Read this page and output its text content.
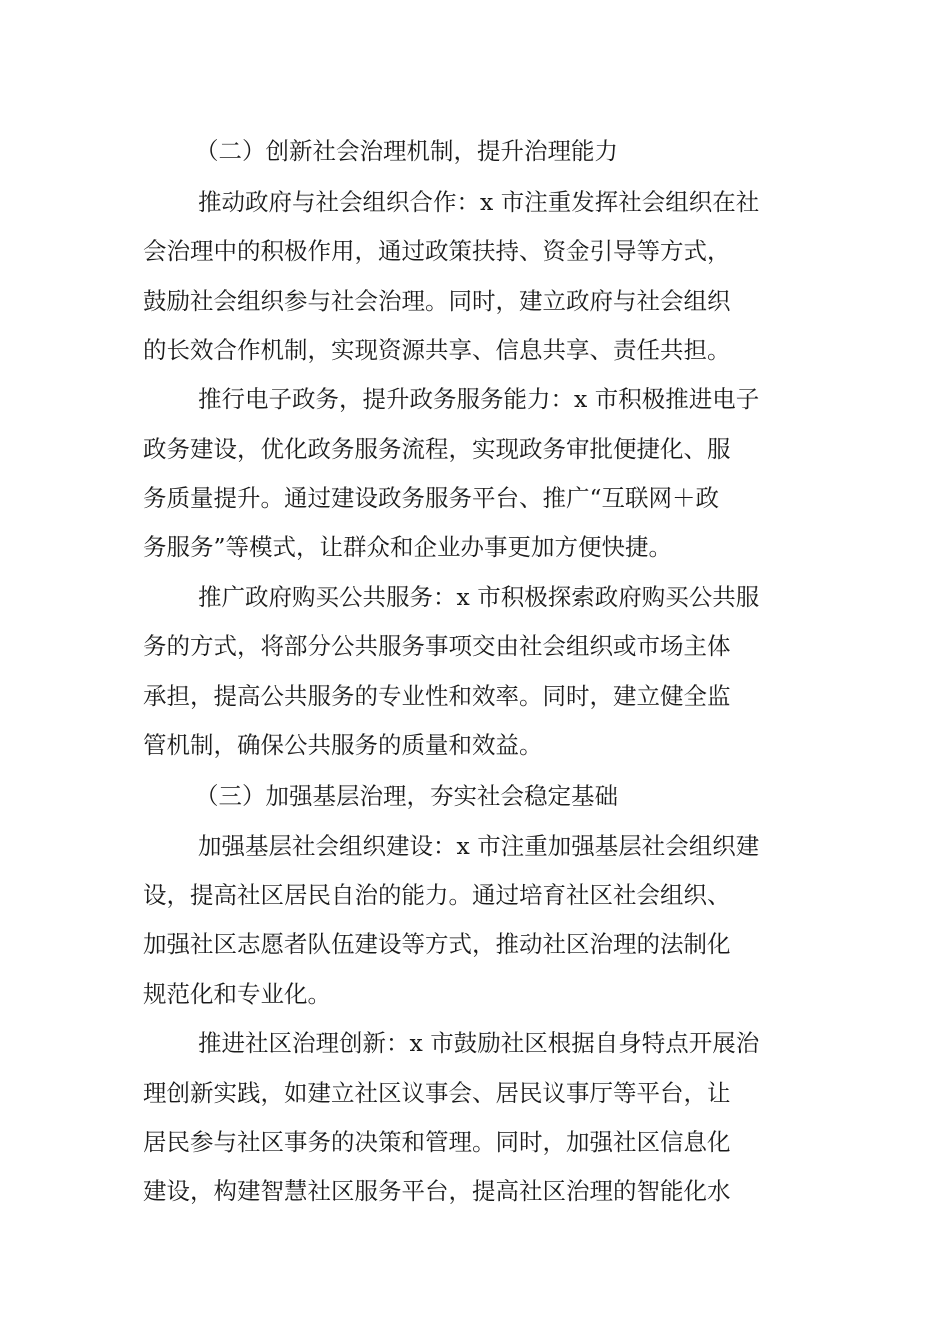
（二）创新社会治理机制，提升治理能力
推动政府与社会组织合作：x 市注重发挥社会组织在社
会治理中的积极作用，通过政策扶持、资金引导等方式，
鼓励社会组织参与社会治理。同时，建立政府与社会组织
的长效合作机制，实现资源共享、信息共享、责任共担。
推行电子政务，提升政务服务能力：x 市积极推进电子
政务建设，优化政务服务流程，实现政务审批便捷化、服
务质量提升。通过建设政务服务平台、推广“互联网＋政
务服务”等模式，让群众和企业办事更加方便快捷。
推广政府购买公共服务：x 市积极探索政府购买公共服
务的方式，将部分公共服务事项交由社会组织或市场主体
承担，提高公共服务的专业性和效率。同时，建立健全监
管机制，确保公共服务的质量和效益。
（三）加强基层治理，夯实社会稳定基础
加强基层社会组织建设：x 市注重加强基层社会组织建
设，提高社区居民自治的能力。通过培育社区社会组织、
加强社区志愿者队伍建设等方式，推动社区治理的法制化
规范化和专业化。
推进社区治理创新：x 市鼓励社区根据自身特点开展治
理创新实践，如建立社区议事会、居民议事厅等平台，让
居民参与社区事务的决策和管理。同时，加强社区信息化
建设，构建智慧社区服务平台，提高社区治理的智能化水
